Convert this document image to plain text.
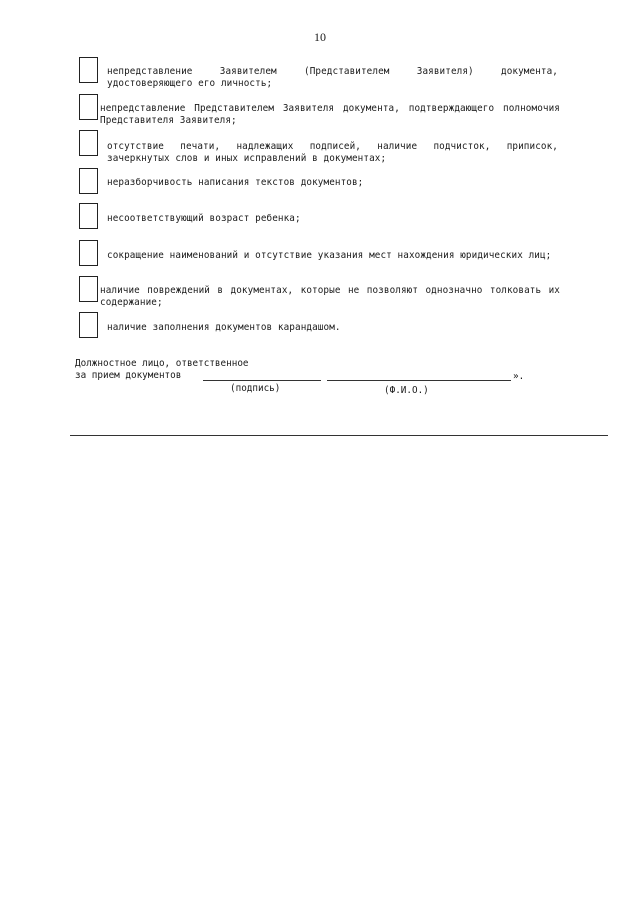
10
непредставление Заявителем (Представителем Заявителя) документа, удостоверяющего его личность;
непредставление Представителем Заявителя документа, подтверждающего полномочия Представителя Заявителя;
отсутствие печати, надлежащих подписей, наличие подчисток, приписок, зачеркнутых слов и иных исправлений в документах;
неразборчивость написания текстов документов;
несоответствующий возраст ребенка;
сокращение наименований и отсутствие указания мест нахождения юридических лиц;
наличие повреждений в документах, которые не позволяют однозначно толковать их содержание;
наличие заполнения документов карандашом.
Должностное лицо, ответственное
за прием документов	».
(подпись)	(Ф.И.О.)
